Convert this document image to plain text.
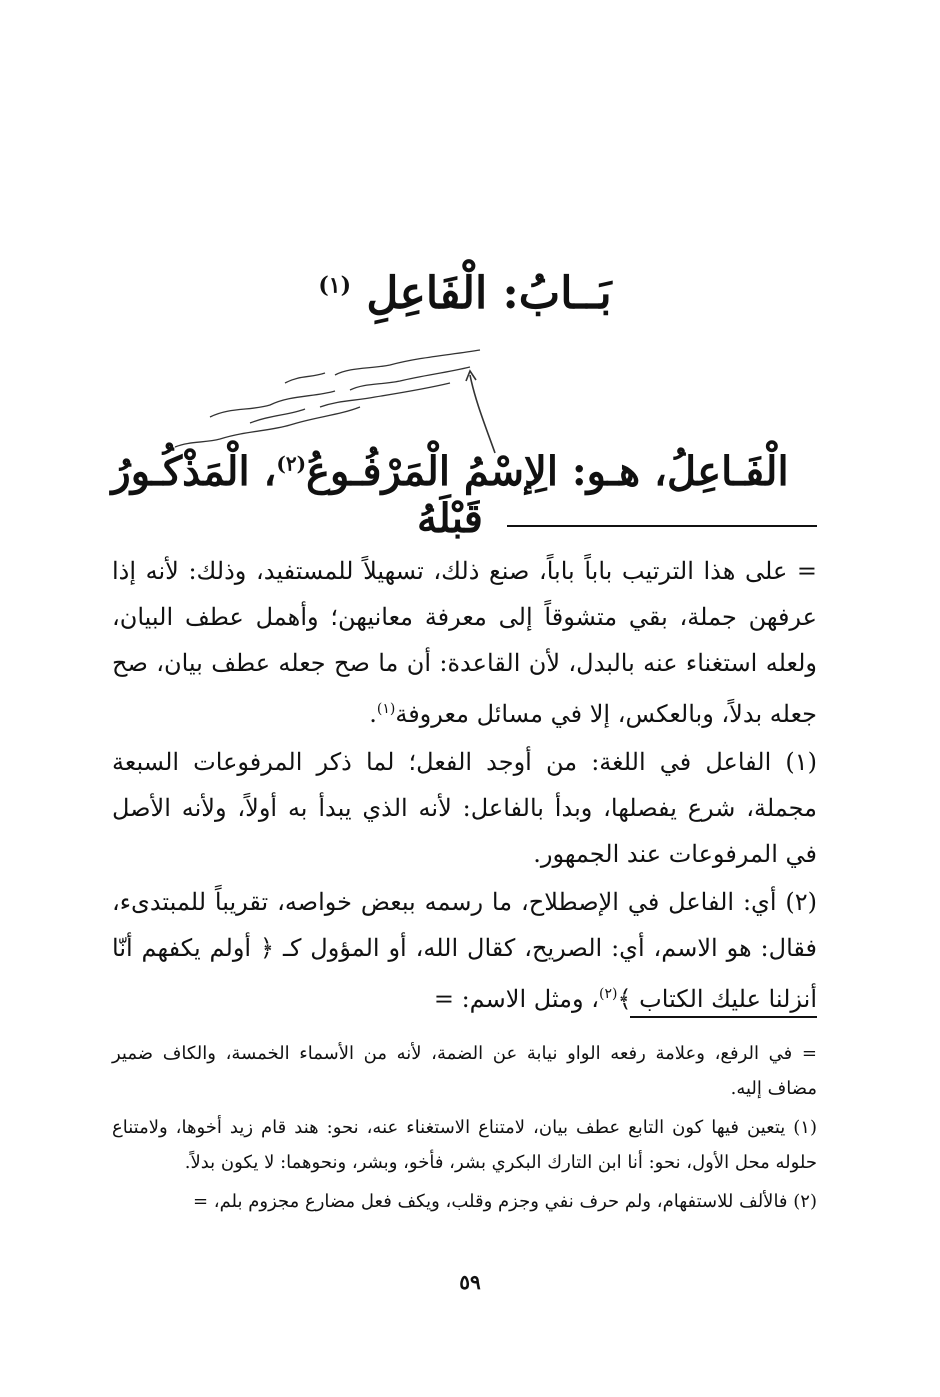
بَــابُ: الْفَاعِلِ $^{(١)}$
الْفَـاعِلُ، هـو: الِإسْمُ الْمَرْفُـوعُ$^{(٢)}$، الْمَذْكُـورُ قَبْلَهُ

= على هذا الترتيب باباً باباً، صنع ذلك، تسهيلاً للمستفيد، وذلك: لأنه إذا عرفهن جملة، بقي متشوقاً إلى معرفة معانيهن؛ وأهمل عطف البيان، ولعله استغناء عنه بالبدل، لأن القاعدة: أن ما صح جعله عطف بيان، صح جعله بدلاً، وبالعكس، إلا في مسائل معروفة$^{(١)}$.

(١) الفاعل في اللغة: من أوجد الفعل؛ لما ذكر المرفوعات السبعة مجملة، شرع يفصلها، وبدأ بالفاعل: لأنه الذي يبدأ به أولاً، ولأنه الأصل في المرفوعات عند الجمهور.

(٢) أي: الفاعل في الإصطلاح، ما رسمه ببعض خواصه، تقريباً للمبتدىء، فقال: هو الاسم، أي: الصريح، كقال الله، أو المؤول كـ ﴿ أولم يكفهم أنّا أنزلنا عليك الكتاب ﴾$^{(٢)}$، ومثل الاسم: =

= في الرفع، وعلامة رفعه الواو نيابة عن الضمة، لأنه من الأسماء الخمسة، والكاف ضمير مضاف إليه.

(١) يتعين فيها كون التابع عطف بيان، لامتناع الاستغناء عنه، نحو: هند قام زيد أخوها، ولامتناع حلوله محل الأول، نحو: أنا ابن التارك البكري بشر، فأخو، وبشر، ونحوهما: لا يكون بدلاً.

(٢) فالألف للاستفهام، ولم حرف نفي وجزم وقلب، ويكف فعل مضارع مجزوم بلم، =

٥٩
